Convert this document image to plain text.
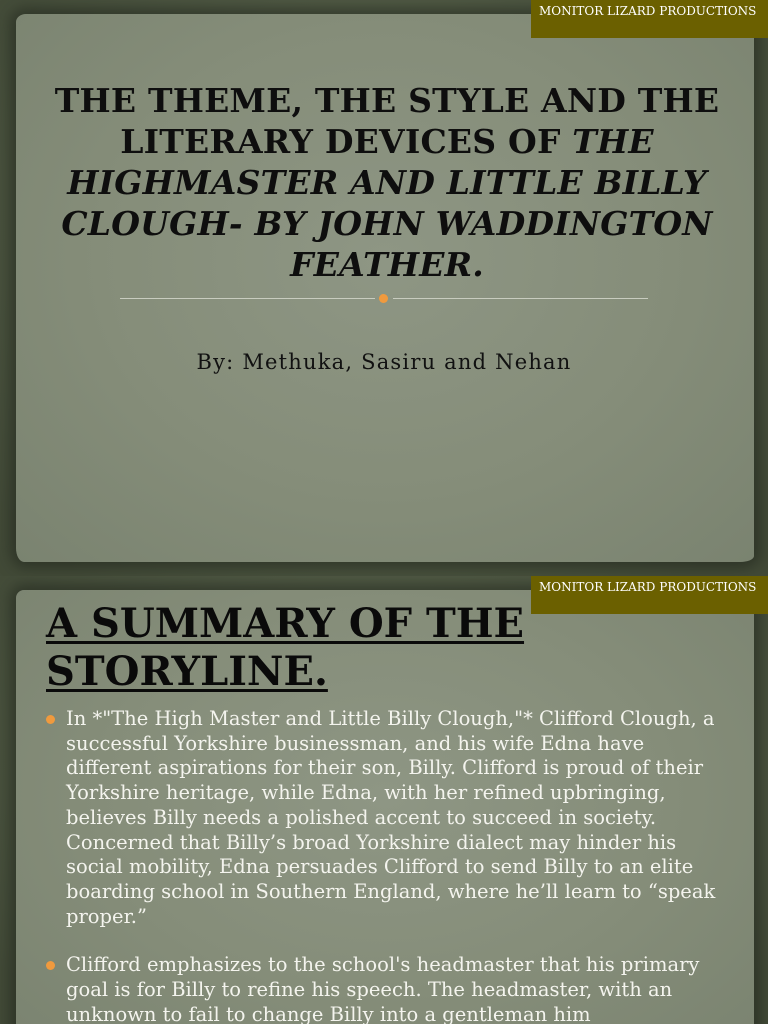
MONITOR LIZARD PRODUCTIONS
THE THEME, THE STYLE AND THE LITERARY DEVICES OF THE HIGHMASTER AND LITTLE BILLY CLOUGH- BY JOHN WADDINGTON FEATHER.
By: Methuka, Sasiru and Nehan
MONITOR LIZARD PRODUCTIONS
A SUMMARY OF THE STORYLINE.
In *"The High Master and Little Billy Clough,"* Clifford Clough, a successful Yorkshire businessman, and his wife Edna have different aspirations for their son, Billy. Clifford is proud of their Yorkshire heritage, while Edna, with her refined upbringing, believes Billy needs a polished accent to succeed in society. Concerned that Billy’s broad Yorkshire dialect may hinder his social mobility, Edna persuades Clifford to send Billy to an elite boarding school in Southern England, where he’ll learn to “speak proper.”
Clifford emphasizes to the school's headmaster that his primary goal is for Billy to refine his speech. The headmaster, with an unknown to fail to change Billy into a gentleman him
